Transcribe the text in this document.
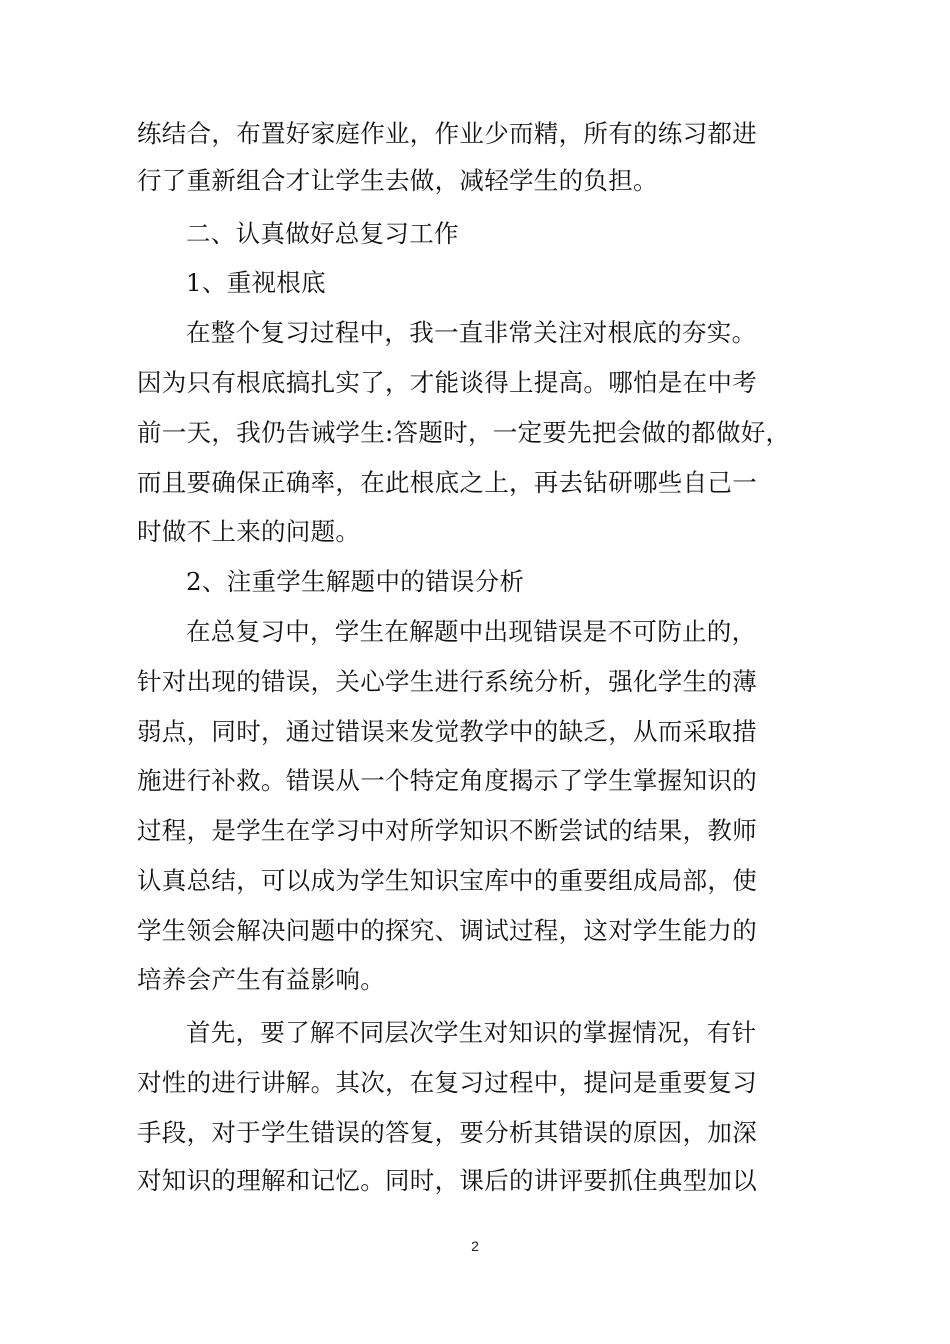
练结合，布置好家庭作业，作业少而精，所有的练习都进
行了重新组合才让学生去做，减轻学生的负担。
二、认真做好总复习工作
1、重视根底
在整个复习过程中，我一直非常关注对根底的夯实。
因为只有根底搞扎实了，才能谈得上提高。哪怕是在中考
前一天，我仍告诫学生:答题时，一定要先把会做的都做好，
而且要确保正确率，在此根底之上，再去钻研哪些自己一
时做不上来的问题。
2、注重学生解题中的错误分析
在总复习中，学生在解题中出现错误是不可防止的，
针对出现的错误，关心学生进行系统分析，强化学生的薄
弱点，同时，通过错误来发觉教学中的缺乏，从而采取措
施进行补救。错误从一个特定角度揭示了学生掌握知识的
过程，是学生在学习中对所学知识不断尝试的结果，教师
认真总结，可以成为学生知识宝库中的重要组成局部，使
学生领会解决问题中的探究、调试过程，这对学生能力的
培养会产生有益影响。
首先，要了解不同层次学生对知识的掌握情况，有针
对性的进行讲解。其次，在复习过程中，提问是重要复习
手段，对于学生错误的答复，要分析其错误的原因，加深
对知识的理解和记忆。同时，课后的讲评要抓住典型加以
2
